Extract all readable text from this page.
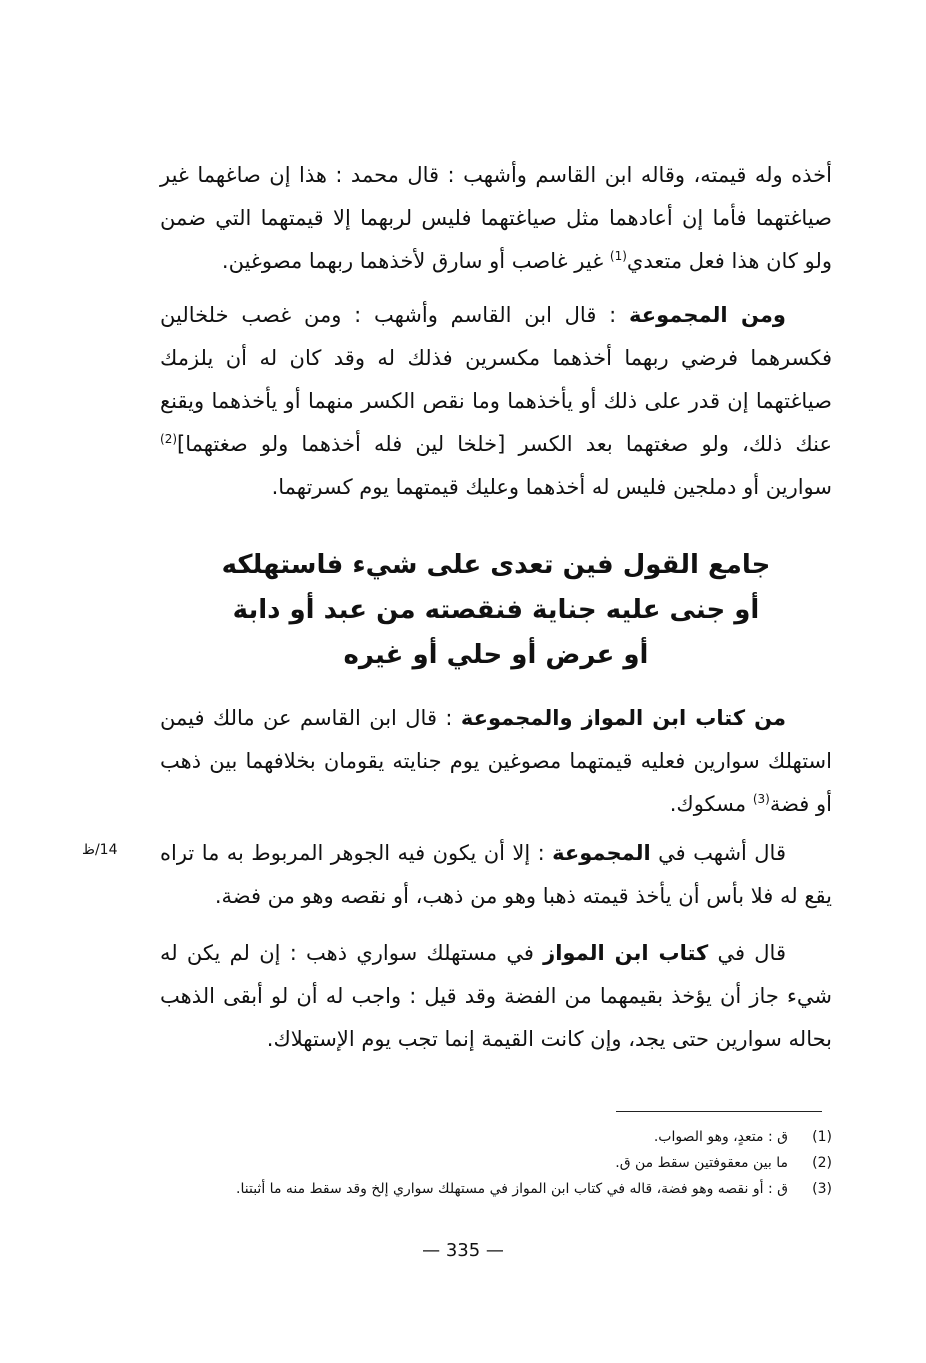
أخذه وله قيمته، وقاله ابن القاسم وأشهب : قال محمد : هذا إن صاغهما غير صياغتهما فأما إن أعادهما مثل صياغتهما فليس لربهما إلا قيمتهما التي ضمن ولو كان هذا فعل متعدي$^{(1)}$ غير غاصب أو سارق لأخذهما ربهما مصوغين.

ومن المجموعة : قال ابن القاسم وأشهب : ومن غصب خلخالين فكسرهما فرضي ربهما أخذهما مكسرين فذلك له وقد كان له أن يلزمك صياغتهما إن قدر على ذلك أو يأخذهما وما نقص الكسر منهما أو يأخذهما ويقنع عنك ذلك، ولو صغتهما بعد الكسر [خلخا لين فله أخذهما ولو صغتهما]$^{(2)}$ سوارين أو دملجين فليس له أخذهما وعليك قيمتهما يوم كسرتهما.

جامع القول فين تعدى على شيء فاستهلكه
أو جنى عليه جناية فنقصته من عبد أو دابة
أو عرض أو حلي أو غيره

من كتاب ابن المواز والمجموعة : قال ابن القاسم عن مالك فيمن استهلك سوارين فعليه قيمتهما مصوغين يوم جنايته يقومان بخلافهما بين ذهب أو فضة$^{(3)}$ مسكوك.

14/ظ	قال أشهب في المجموعة : إلا أن يكون فيه الجوهر المربوط به ما تراه يقع له فلا بأس أن يأخذ قيمته ذهبا وهو من ذهب، أو نقصه وهو من فضة.

قال في كتاب ابن المواز في مستهلك سواري ذهب : إن لم يكن له شيء جاز أن يؤخذ بقيمهما من الفضة وقد قيل : واجب له أن لو أبقى الذهب بحاله سوارين حتى يجد، وإن كانت القيمة إنما تجب يوم الإستهلاك.

(1)
ق : متعدٍ، وهو الصواب.
(2)
ما بين معقوفتين سقط من ق.
(3)
ق : أو نقصه وهو فضة، قاله في كتاب ابن المواز في مستهلك سواري إلخ وقد سقط منه ما أثبتنا.
— 335 —
